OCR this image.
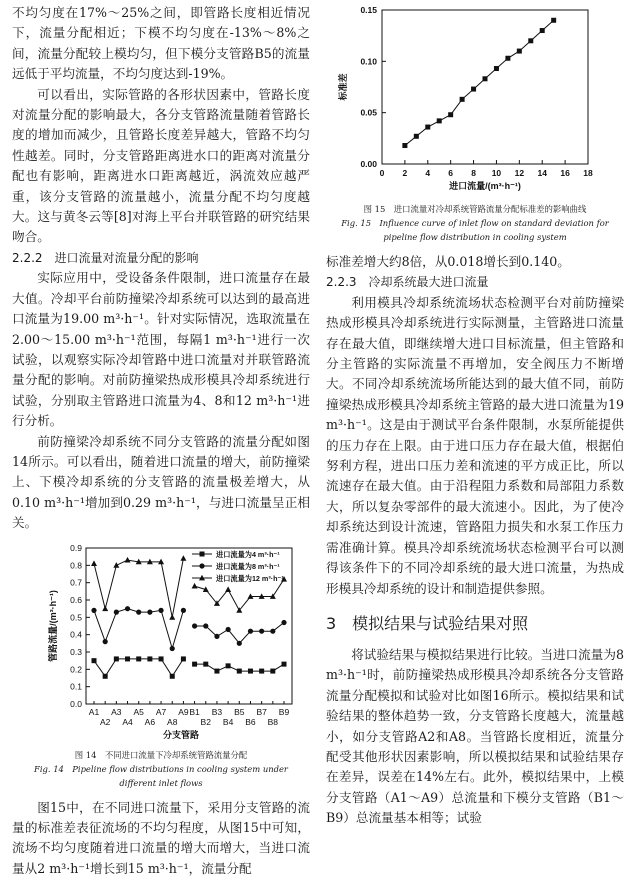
不均匀度在17%～25%之间，即管路长度相近情况下，流量分配相近；下模不均匀度在-13%～8%之间，流量分配较上模均匀，但下模分支管路B5的流量远低于平均流量，不均匀度达到-19%。

可以看出，实际管路的各形状因素中，管路长度对流量分配的影响最大，各分支管路流量随着管路长度的增加而减少，且管路长度差异越大，管路不均匀性越差。同时，分支管路距离进水口的距离对流量分配也有影响，距离进水口距离越近，涡流效应越严重，该分支管路的流量越小，流量分配不均匀度越大。这与黄冬云等[8]对海上平台并联管路的研究结果吻合。

2.2.2　进口流量对流量分配的影响

实际应用中，受设备条件限制，进口流量存在最大值。冷却平台前防撞梁冷却系统可以达到的最高进口流量为19.00 m³·h⁻¹。针对实际情况，选取流量在2.00～15.00 m³·h⁻¹范围，每隔1 m³·h⁻¹进行一次试验，以观察实际冷却管路中进口流量对并联管路流量分配的影响。对前防撞梁热成形模具冷却系统进行试验，分别取主管路进口流量为4、8和12 m³·h⁻¹进行分析。

前防撞梁冷却系统不同分支管路的流量分配如图14所示。可以看出，随着进口流量的增大，前防撞梁上、下模冷却系统的分支管路的流量极差增大，从0.10 m³·h⁻¹增加到0.29 m³·h⁻¹，与进口流量呈正相关。

0.0
0.1
0.2
0.3
0.4
0.5
0.6
0.7
0.8
0.9
A1 A3 A5 A7 A9 B1 B3 B5 B7 B9
A2 A4 A6 A8	B2 B4 B6 B8
分支管路
管路流量/(m³·h⁻¹)
进口流量为4 m³·h⁻¹
进口流量为8 m³·h⁻¹
进口流量为12 m³·h⁻¹

图 14　不同进口流量下冷却系统管路流量分配

Fig. 14　Pipeline flow distributions in cooling system under

different inlet flows

图15中，在不同进口流量下，采用分支管路的流量的标准差表征流场的不均匀程度，从图15中可知，流场不均匀度随着进口流量的增大而增大，当进口流量从2 m³·h⁻¹增长到15 m³·h⁻¹，流量分配

0.00
0.05
0.10
0.15
0 2 4 6 8 10 12 14 16 18
进口流量/(m³·h⁻¹)
标准差

图 15　进口流量对冷却系统管路流量分配标准差的影响曲线

Fig. 15　Influence curve of inlet flow on standard deviation for

pipeline flow distribution in cooling system

标准差增大约8倍，从0.018增长到0.140。

2.2.3　冷却系统最大进口流量

利用模具冷却系统流场状态检测平台对前防撞梁热成形模具冷却系统进行实际测量，主管路进口流量存在最大值，即继续增大进口目标流量，但主管路和分主管路的实际流量不再增加，安全阀压力不断增大。不同冷却系统流场所能达到的最大值不同，前防撞梁热成形模具冷却系统主管路的最大进口流量为19 m³·h⁻¹。这是由于测试平台条件限制，水泵所能提供的压力存在上限。由于进口压力存在最大值，根据伯努利方程，进出口压力差和流速的平方成正比，所以流速存在最大值。由于沿程阻力系数和局部阻力系数大，所以复杂零部件的最大流速小。因此，为了使冷却系统达到设计流速，管路阻力损失和水泵工作压力需准确计算。模具冷却系统流场状态检测平台可以测得该条件下的不同冷却系统的最大进口流量，为热成形模具冷却系统的设计和制造提供参照。

3　模拟结果与试验结果对照

将试验结果与模拟结果进行比较。当进口流量为8 m³·h⁻¹时，前防撞梁热成形模具冷却系统各分支管路流量分配模拟和试验对比如图16所示。模拟结果和试验结果的整体趋势一致，分支管路长度越大，流量越小，如分支管路A2和A8。当管路长度相近，流量分配受其他形状因素影响，所以模拟结果和试验结果存在差异，误差在14%左右。此外，模拟结果中，上模分支管路（A1～A9）总流量和下模分支管路（B1～B9）总流量基本相等；试验
